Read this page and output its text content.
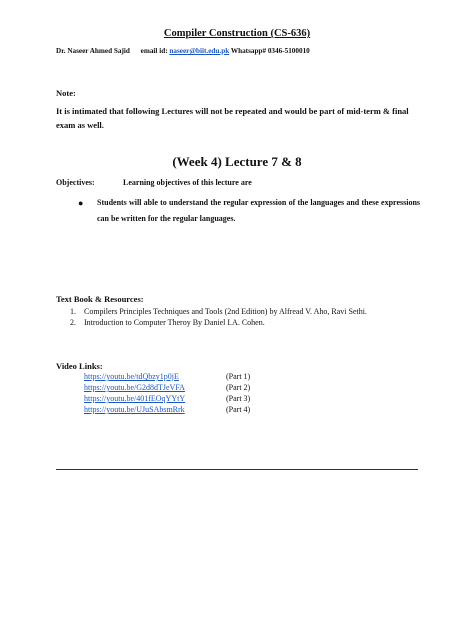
Compiler Construction (CS-636)
Dr. Naseer Ahmed Sajid email id: naseer@biit.edu.pk Whatsapp# 0346-5100010
Note:
It is intimated that following Lectures will not be repeated and would be part of mid-term & final exam as well.
(Week 4) Lecture 7 & 8
Objectives:	Learning objectives of this lecture are
● Students will able to understand the regular expression of the languages and these expressions can be written for the regular languages.
Text Book & Resources:
1. Compilers Principles Techniques and Tools (2nd Edition) by Alfread V. Aho, Ravi Sethi.
2. Introduction to Computer Theroy By Daniel I.A. Cohen.
Video Links:
https://youtu.be/tdQbzy1p0jE	(Part 1)
https://youtu.be/G2d8dTJeVFA	(Part 2)
https://youtu.be/401fEOqYYtY	(Part 3)
https://youtu.be/UJuSAbsmRrk	(Part 4)
